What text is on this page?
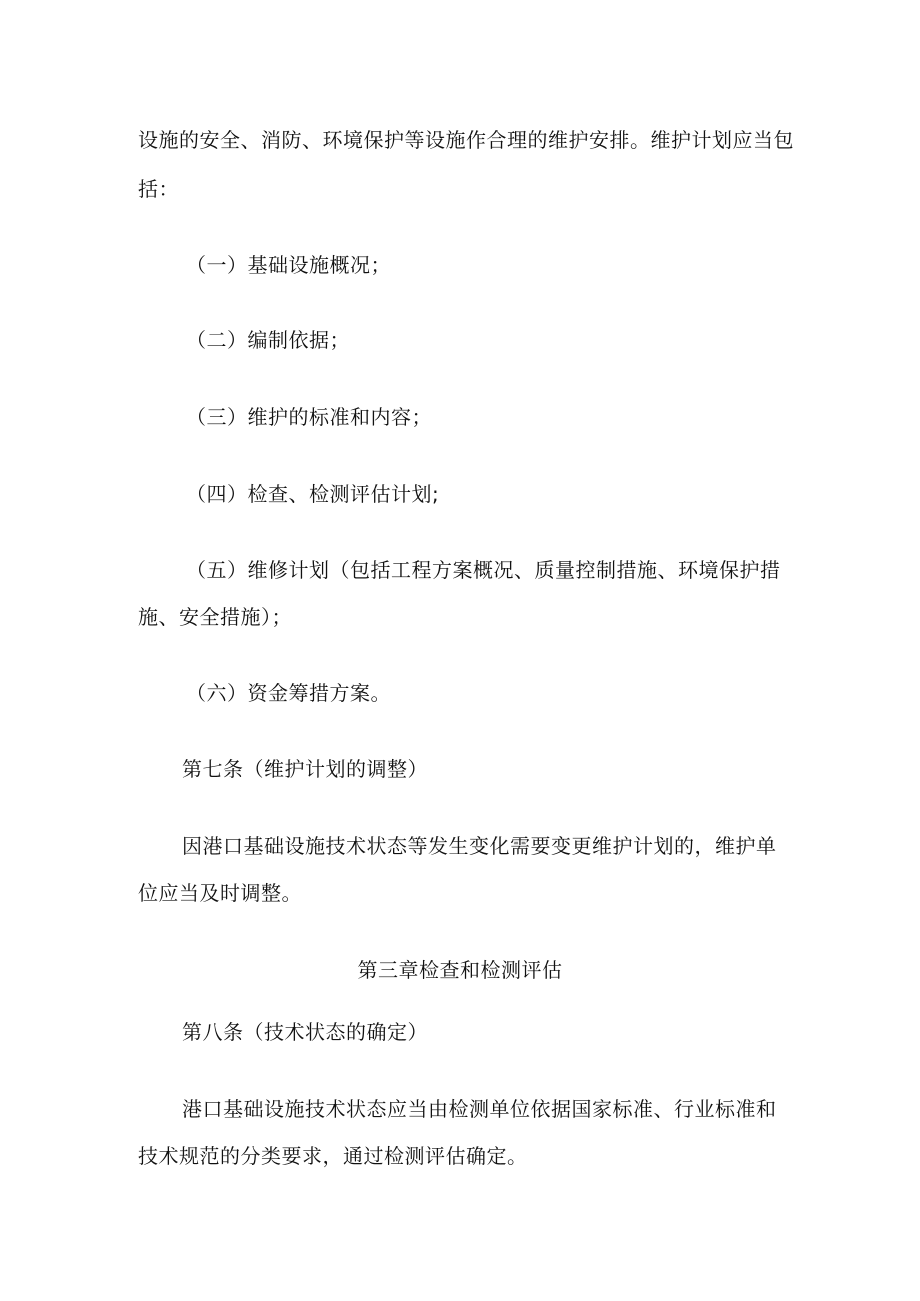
设施的安全、消防、环境保护等设施作合理的维护安排。维护计划应当包
括：
（一）基础设施概况；
（二）编制依据；
（三）维护的标准和内容；
（四）检查、检测评估计划;
（五）维修计划（包括工程方案概况、质量控制措施、环境保护措
施、安全措施）；
（六）资金筹措方案。
第七条（维护计划的调整）
因港口基础设施技术状态等发生变化需要变更维护计划的，维护单
位应当及时调整。
第三章检查和检测评估
第八条（技术状态的确定）
港口基础设施技术状态应当由检测单位依据国家标准、行业标准和
技术规范的分类要求，通过检测评估确定。
